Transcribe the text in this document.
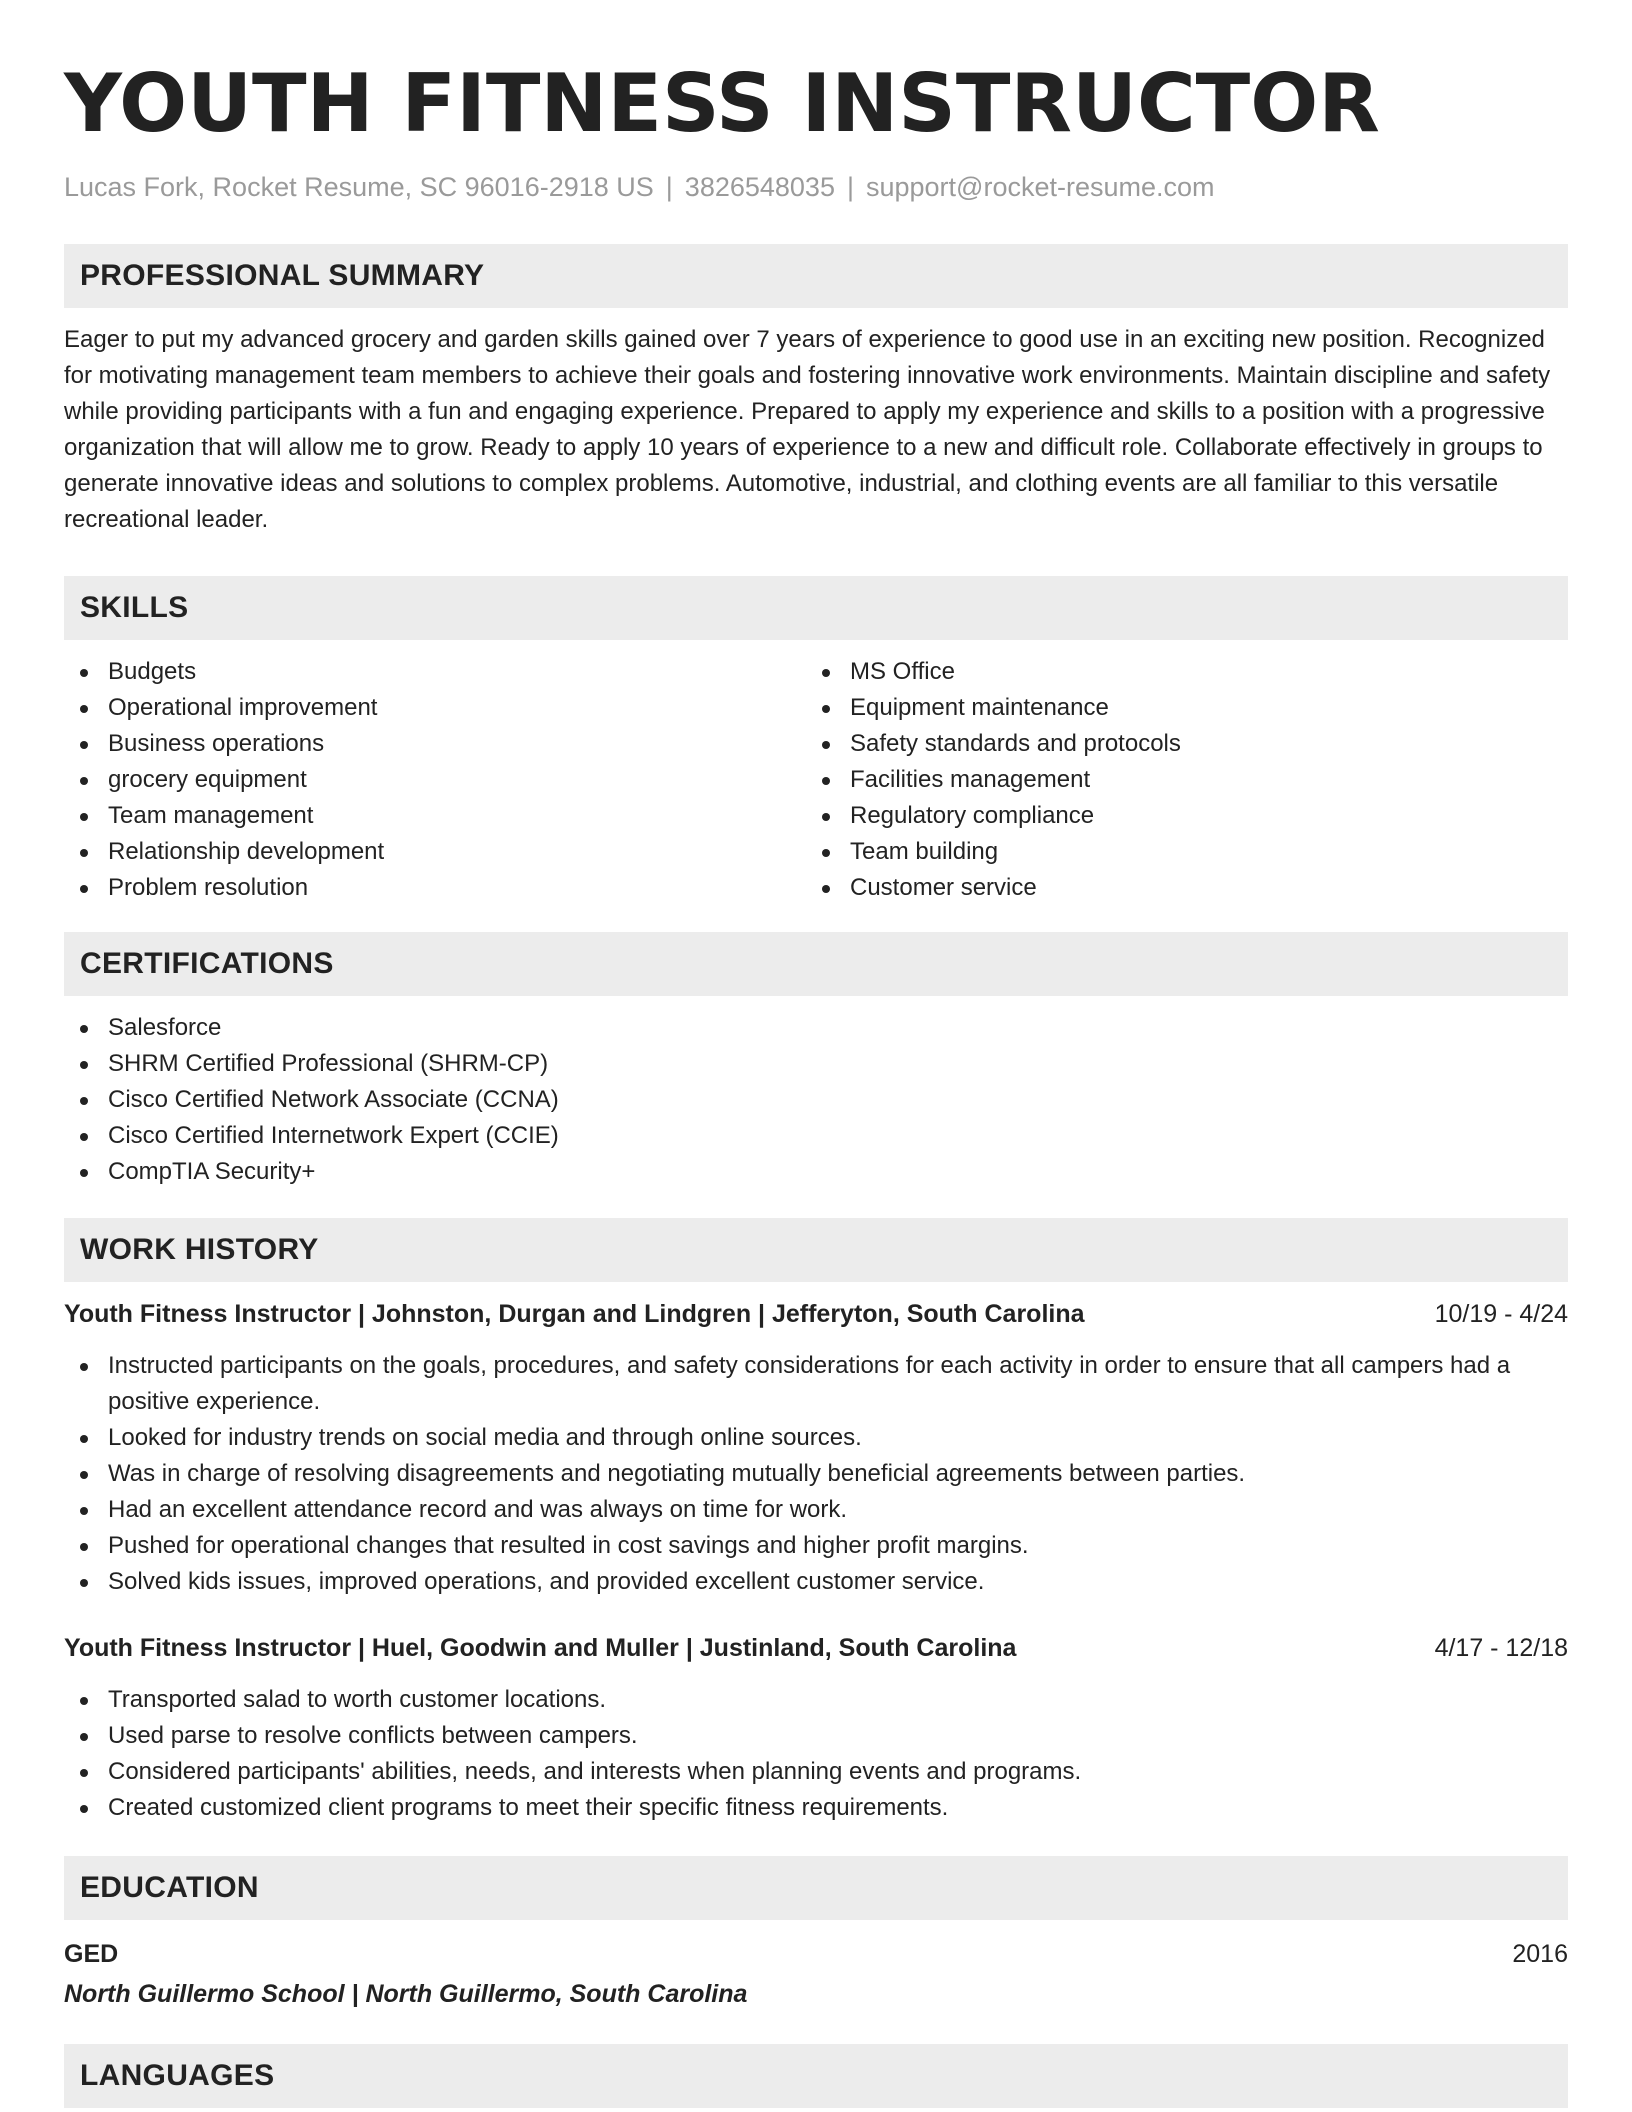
YOUTH FITNESS INSTRUCTOR
Lucas Fork, Rocket Resume, SC 96016-2918 US | 3826548035 | support@rocket-resume.com
PROFESSIONAL SUMMARY

Eager to put my advanced grocery and garden skills gained over 7 years of experience to good use in an exciting new position. Recognized for motivating management team members to achieve their goals and fostering innovative work environments. Maintain discipline and safety while providing participants with a fun and engaging experience. Prepared to apply my experience and skills to a position with a progressive organization that will allow me to grow. Ready to apply 10 years of experience to a new and difficult role. Collaborate effectively in groups to generate innovative ideas and solutions to complex problems. Automotive, industrial, and clothing events are all familiar to this versatile recreational leader.

SKILLS
Budgets
Operational improvement
Business operations
grocery equipment
Team management
Relationship development
Problem resolution
MS Office
Equipment maintenance
Safety standards and protocols
Facilities management
Regulatory compliance
Team building
Customer service
CERTIFICATIONS
Salesforce
SHRM Certified Professional (SHRM-CP)
Cisco Certified Network Associate (CCNA)
Cisco Certified Internetwork Expert (CCIE)
CompTIA Security+
WORK HISTORY
Youth Fitness Instructor | Johnston, Durgan and Lindgren | Jefferyton, South Carolina	10/19 - 4/24
Instructed participants on the goals, procedures, and safety considerations for each activity in order to ensure that all campers had a positive experience.
Looked for industry trends on social media and through online sources.
Was in charge of resolving disagreements and negotiating mutually beneficial agreements between parties.
Had an excellent attendance record and was always on time for work.
Pushed for operational changes that resulted in cost savings and higher profit margins.
Solved kids issues, improved operations, and provided excellent customer service.
Youth Fitness Instructor | Huel, Goodwin and Muller | Justinland, South Carolina	4/17 - 12/18
Transported salad to worth customer locations.
Used parse to resolve conflicts between campers.
Considered participants' abilities, needs, and interests when planning events and programs.
Created customized client programs to meet their specific fitness requirements.
EDUCATION
GED	2016
North Guillermo School | North Guillermo, South Carolina
LANGUAGES
